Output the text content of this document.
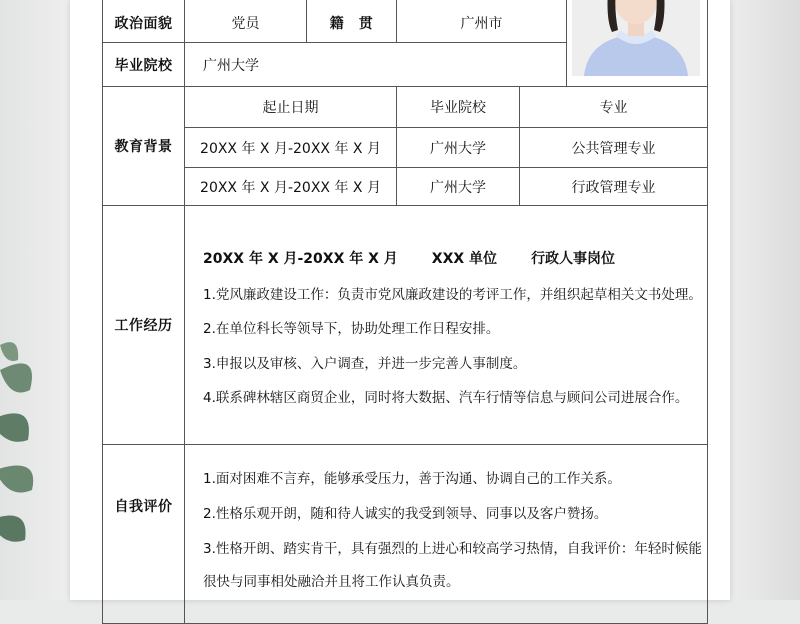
政治面貌	党员	籍　贯	广州市
毕业院校	广州大学
教育背景
起止日期	毕业院校	专业
20XX 年 X 月-20XX 年 X 月	广州大学	公共管理专业
20XX 年 X 月-20XX 年 X 月	广州大学	行政管理专业
工作经历
20XX 年 X 月-20XX 年 X 月 XXX 单位 行政人事岗位
1.党风廉政建设工作：负责市党风廉政建设的考评工作，并组织起草相关文书处理。
2.在单位科长等领导下，协助处理工作日程安排。
3.申报以及审核、入户调查，并进一步完善人事制度。
4.联系碑林辖区商贸企业，同时将大数据、汽车行情等信息与顾问公司进展合作。
自我评价
1.面对困难不言弃，能够承受压力，善于沟通、协调自己的工作关系。
2.性格乐观开朗，随和待人诚实的我受到领导、同事以及客户赞扬。
3.性格开朗、踏实肯干，具有强烈的上进心和较高学习热情，自我评价：年轻时候能
很快与同事相处融洽并且将工作认真负责。
